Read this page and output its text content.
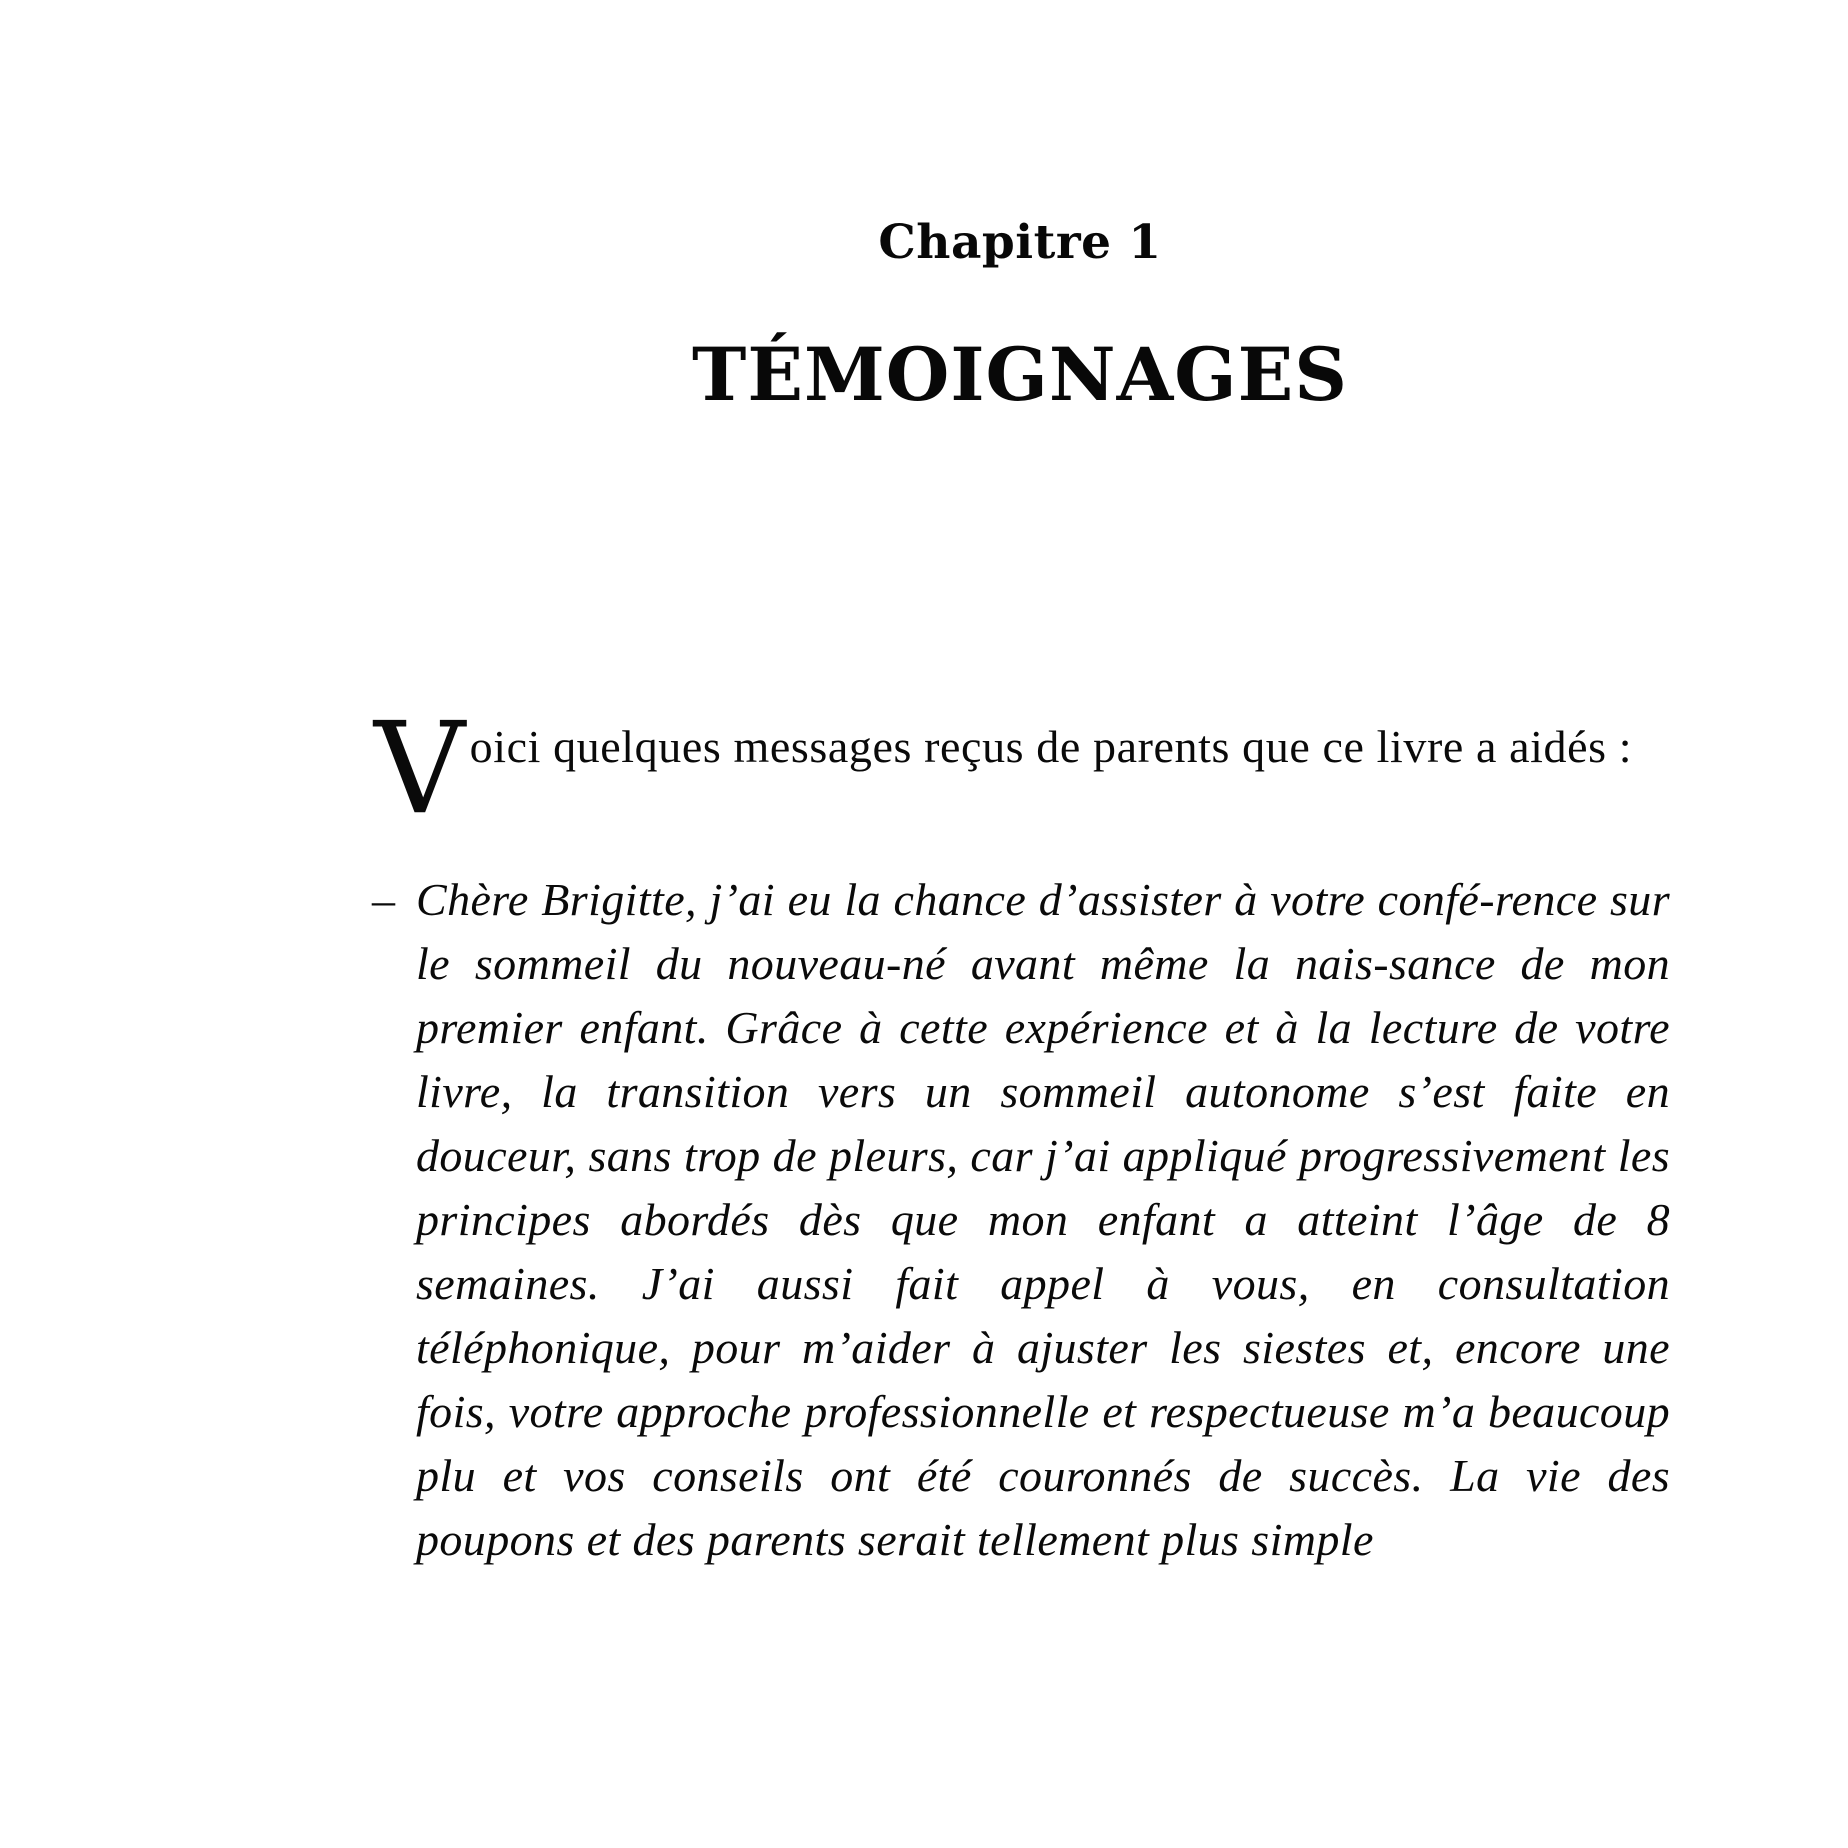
Chapitre 1
TÉMOIGNAGES
V oici quelques messages reçus de parents que ce livre a aidés :
– Chère Brigitte, j’ai eu la chance d’assister à votre confé-rence sur le sommeil du nouveau-né avant même la nais-sance de mon premier enfant. Grâce à cette expérience et à la lecture de votre livre, la transition vers un sommeil autonome s’est faite en douceur, sans trop de pleurs, car j’ai appliqué progressivement les principes abordés dès que mon enfant a atteint l’âge de 8 semaines. J’ai aussi fait appel à vous, en consultation téléphonique, pour m’aider à ajuster les siestes et, encore une fois, votre approche professionnelle et respectueuse m’a beaucoup plu et vos conseils ont été couronnés de succès. La vie des poupons et des parents serait tellement plus simple
